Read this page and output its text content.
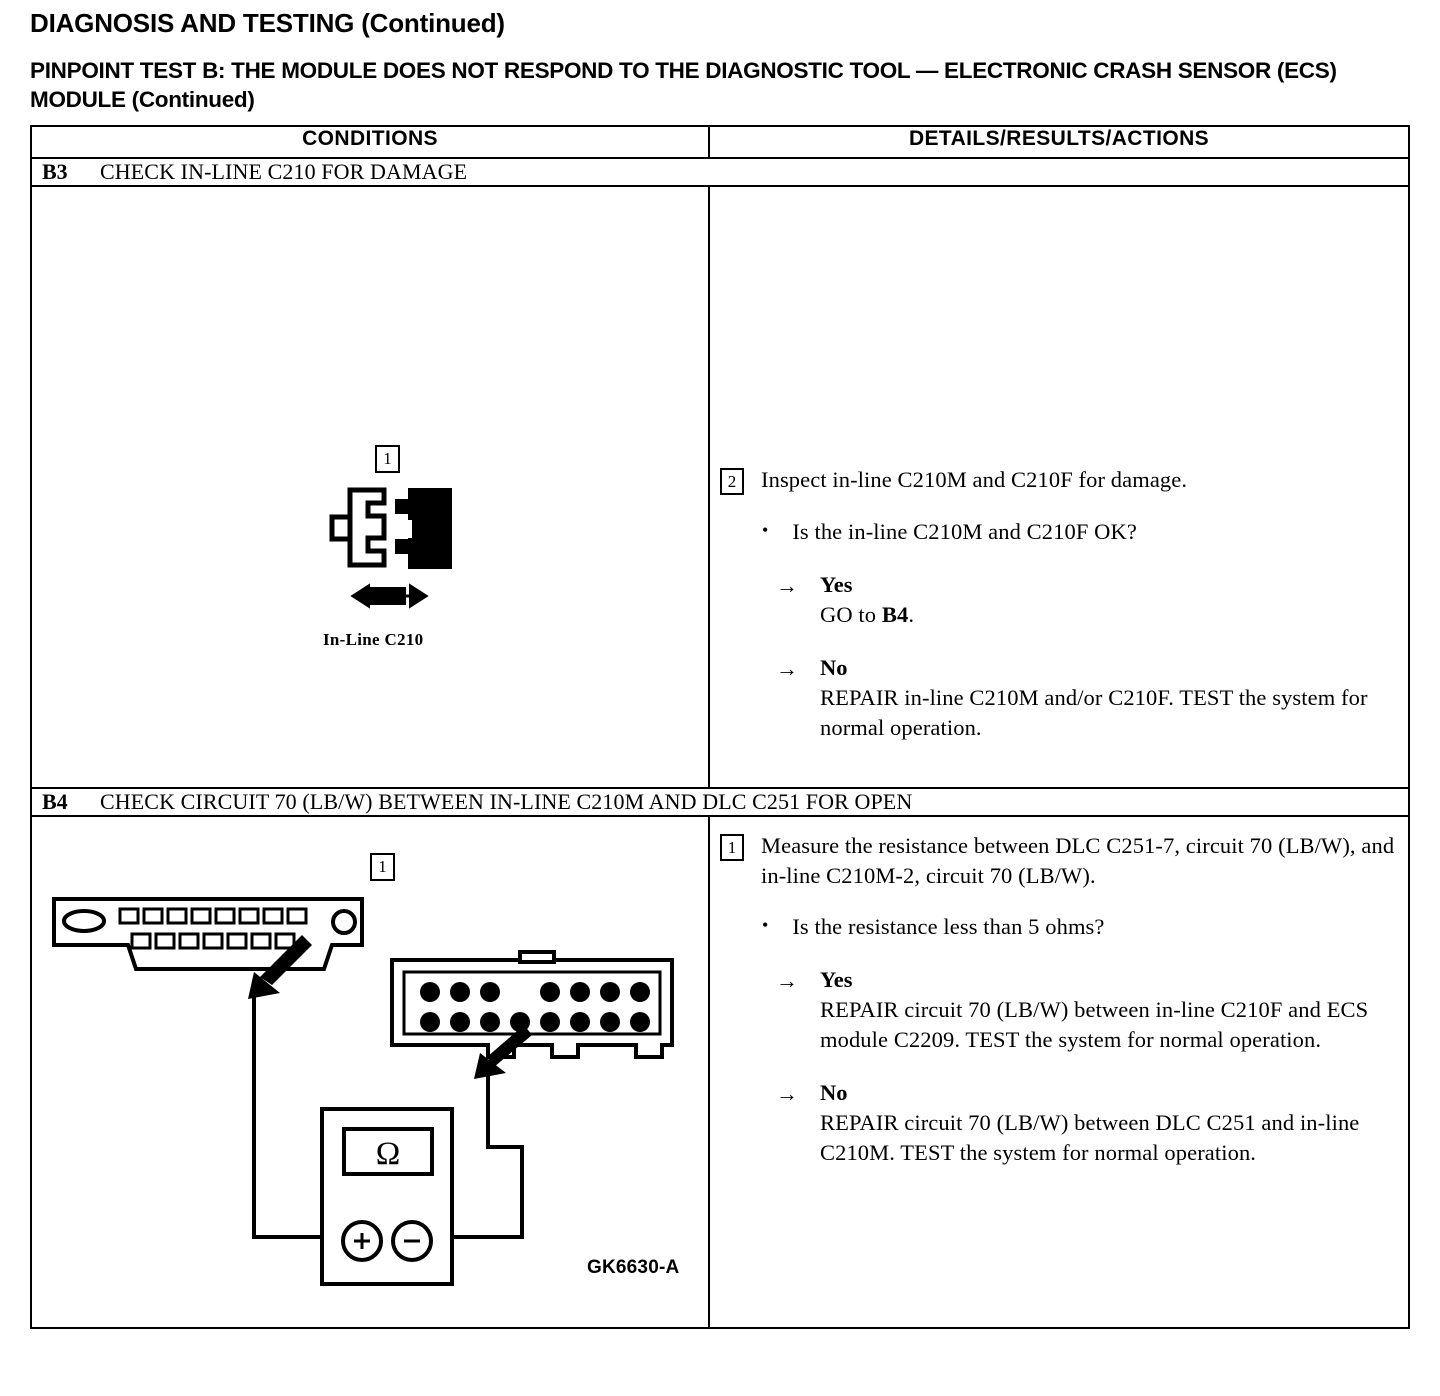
DIAGNOSIS AND TESTING (Continued)
PINPOINT TEST B: THE MODULE DOES NOT RESPOND TO THE DIAGNOSTIC TOOL — ELECTRONIC CRASH SENSOR (ECS) MODULE (Continued)
CONDITIONS	DETAILS/RESULTS/ACTIONS
B3 CHECK IN-LINE C210 FOR DAMAGE	

1
In-Line C210

2	Inspect in-line C210M and C210F for damage.
• Is the in-line C210M and C210F OK?
→ Yes
GO to B4.
→ No
REPAIR in-line C210M and/or C210F. TEST the system for normal operation.

B4 CHECK CIRCUIT 70 (LB/W) BETWEEN IN-LINE C210M AND DLC C251 FOR OPEN	

1
Ω
GK6630-A

1	Measure the resistance between DLC C251-7, circuit 70 (LB/W), and in-line C210M-2, circuit 70 (LB/W).
• Is the resistance less than 5 ohms?
→ Yes
REPAIR circuit 70 (LB/W) between in-line C210F and ECS module C2209. TEST the system for normal operation.
→ No
REPAIR circuit 70 (LB/W) between DLC C251 and in-line C210M. TEST the system for normal operation.
